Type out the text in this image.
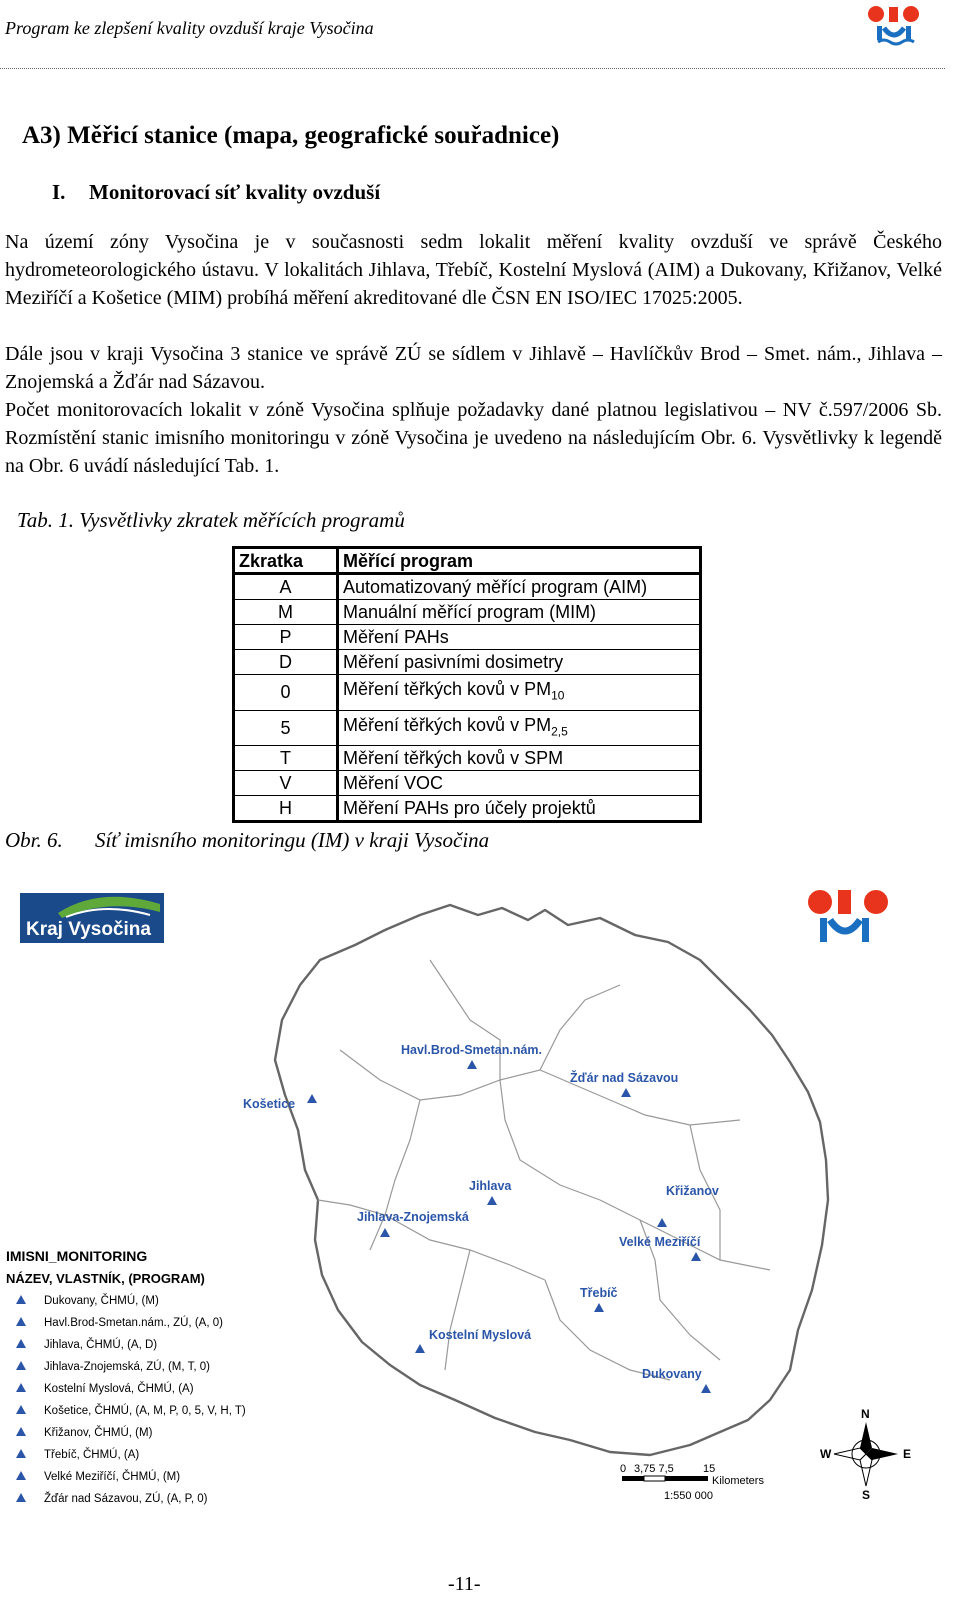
Program ke zlepšení kvality ovzduší kraje Vysočina
A3) Měřicí stanice (mapa, geografické souřadnice)
I. Monitorovací síť kvality ovzduší
Na území zóny Vysočina je v současnosti sedm lokalit měření kvality ovzduší ve správě Českého hydrometeorologického ústavu. V lokalitách Jihlava, Třebíč, Kostelní Myslová (AIM) a Dukovany, Křižanov, Velké Meziříčí a Košetice (MIM) probíhá měření akreditované dle ČSN EN ISO/IEC 17025:2005.
Dále jsou v kraji Vysočina 3 stanice ve správě ZÚ se sídlem v Jihlavě – Havlíčkův Brod – Smet. nám., Jihlava – Znojemská a Žďár nad Sázavou.
Počet monitorovacích lokalit v zóně Vysočina splňuje požadavky dané platnou legislativou – NV č.597/2006 Sb. Rozmístění stanic imisního monitoringu v zóně Vysočina je uvedeno na následujícím Obr. 6. Vysvětlivky k legendě na Obr. 6 uvádí následující Tab. 1.
Tab. 1. Vysvětlivky zkratek měřících programů
Zkratka	Měřící program
A	Automatizovaný měřící program (AIM)
M	Manuální měřící program (MIM)
P	Měření PAHs
D	Měření pasivními dosimetry
0	Měření těřkých kovů v $PM_{10}$
5	Měření těřkých kovů v $PM_{2,5}$
T	Měření těřkých kovů v SPM
V	Měření VOC
H	Měření PAHs pro účely projektů
Obr. 6. Síť imisního monitoringu (IM) v kraji Vysočina
Kraj Vysočina
Havl.Brod-Smetan.nám.
Žďár nad Sázavou
Košetice
Jihlava	Křižanov
Jihlava-Znojemská
Velké Meziříčí
Třebíč
Kostelní Myslová
Dukovany
IMISNI_MONITORING
NÁZEV, VLASTNÍK, (PROGRAM)
Dukovany, ČHMÚ, (M)
Havl.Brod-Smetan.nám., ZÚ, (A, 0)
Jihlava, ČHMÚ, (A, D)
Jihlava-Znojemská, ZÚ, (M, T, 0)
Kostelní Myslová, ČHMÚ, (A)
Košetice, ČHMÚ, (A, M, P, 0, 5, V, H, T)
Křižanov, ČHMÚ, (M)
Třebíč, ČHMÚ, (A)
Velké Meziříčí, ČHMÚ, (M)
Žďár nad Sázavou, ZÚ, (A, P, 0)
N
S
W	E
0 3,75 7,5	15
Kilometers
1:550 000
-11-
